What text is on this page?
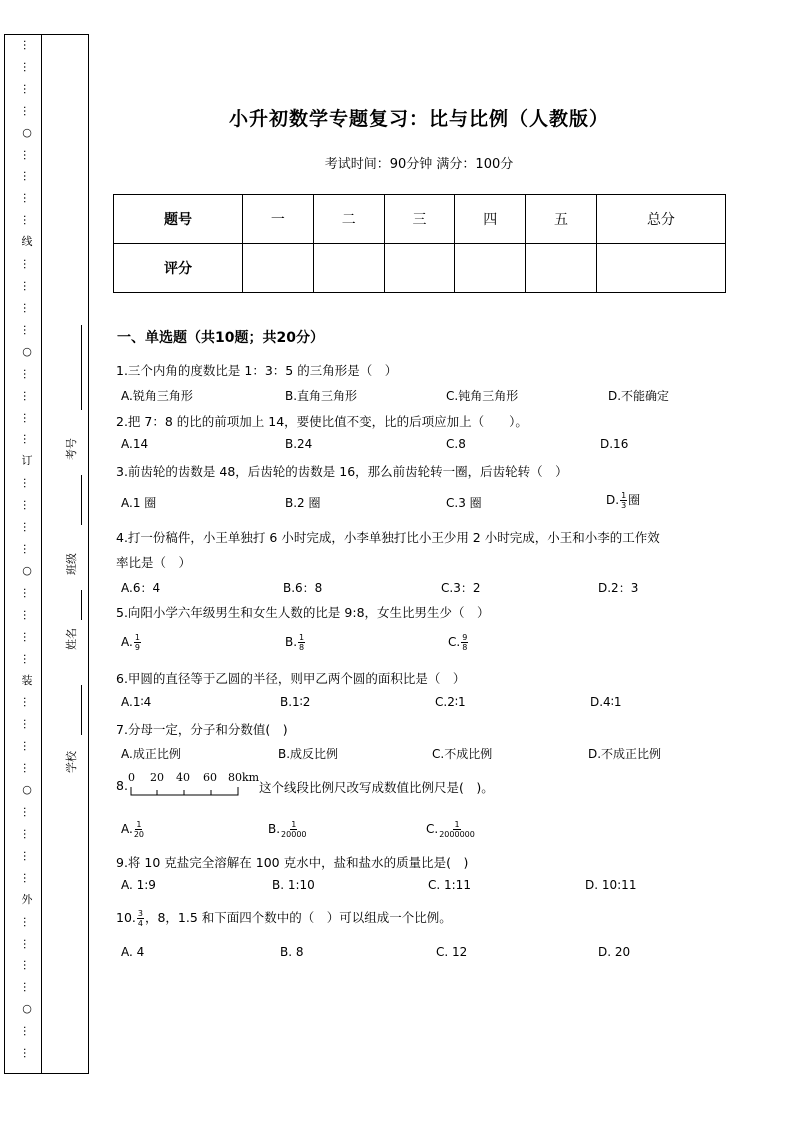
…
…
…
…
○
…
…
…
…
线
…
…
…
…
○
…
…
…
…
订
…
…
…
…
○
…
…
…
…
装
…
…
…
…
○
…
…
…
…
外
…
…
…
…
○
…
…
考号
班级
姓名
学校
小升初数学专题复习：比与比例（人教版）
考试时间：90分钟 满分：100分
题号	一	二	三	四	五	总分
评分						
一、单选题（共10题；共20分）
1.三个内角的度数比是 1：3：5 的三角形是（　）
A.锐角三角形	B.直角三角形	C.钝角三角形	D.不能确定
2.把 7：8 的比的前项加上 14，要使比值不变，比的后项应加上（　　）。
A.14	B.24	C.8	D.16
3.前齿轮的齿数是 48，后齿轮的齿数是 16，那么前齿轮转一圈，后齿轮转（　）
A.1 圈	B.2 圈	C.3 圈	D. $\frac{1}{3}$ 圈
4.打一份稿件，小王单独打 6 小时完成，小李单独打比小王少用 2 小时完成，小王和小李的工作效
率比是（　）
A.6：4	B.6：8	C.3：2	D.2：3
5.向阳小学六年级男生和女生人数的比是 9:8，女生比男生少（　）
A. $\frac{1}{9}$	B. $\frac{1}{8}$	C. $\frac{9}{8}$
6.甲圆的直径等于乙圆的半径，则甲乙两个圆的面积比是（　）
A.1∶4	B.1∶2	C.2∶1	D.4∶1
7.分母一定，分子和分数值(　)
A.成正比例	B.成反比例	C.不成比例	D.不成正比例
8.
0 20 40 60 80km
这个线段比例尺改写成数值比例尺是(　)。
A. $\frac{1}{20}$	B. $\frac{1}{20000}$	C. $\frac{1}{2000000}$
9.将 10 克盐完全溶解在 100 克水中，盐和盐水的质量比是(　)
A. 1:9	B. 1:10	C. 1:11	D. 10:11
10. $\frac{3}{4}$ ，8，1.5 和下面四个数中的（　）可以组成一个比例。
A. 4	B. 8	C. 12	D. 20
